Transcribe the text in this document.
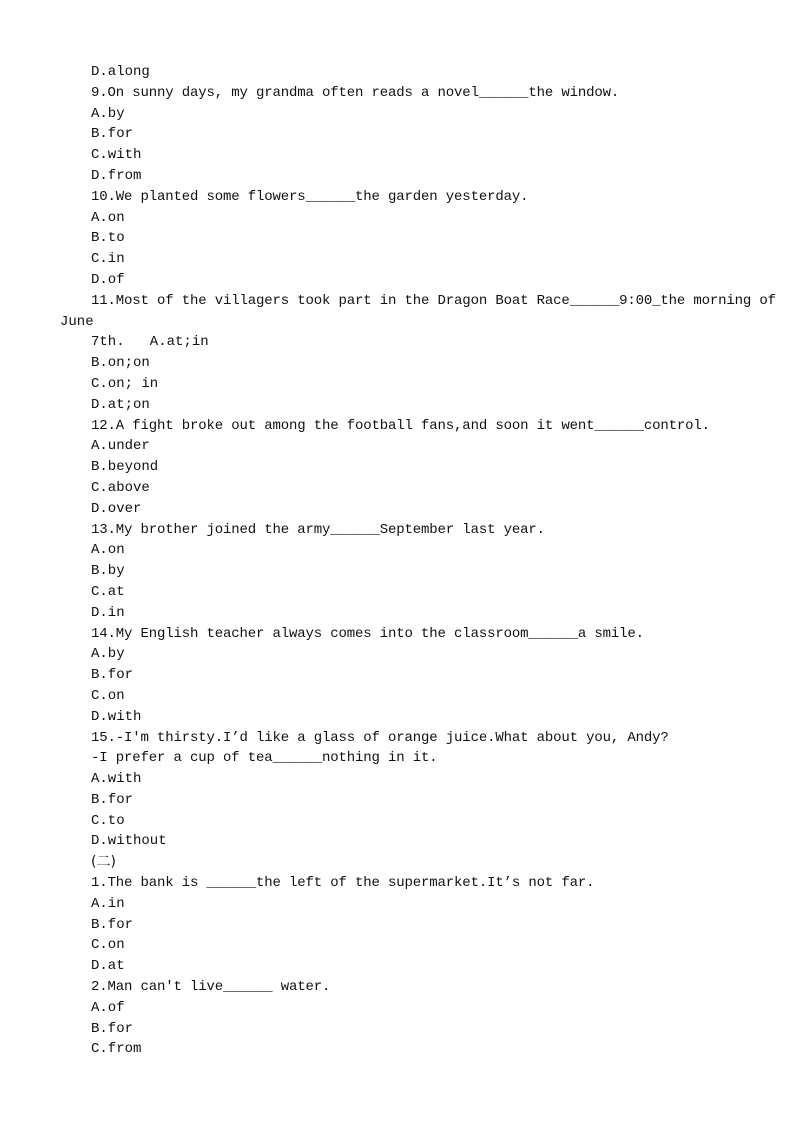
D.along
9.On sunny days, my grandma often reads a novel______the window.
A.by
B.for
C.with
D.from
10.We planted some flowers______the garden yesterday.
A.on
B.to
C.in
D.of
11.Most of the villagers took part in the Dragon Boat Race______9:00_the morning of
June
7th.   A.at;in
B.on;on
C.on; in
D.at;on
12.A fight broke out among the football fans,and soon it went______control.
A.under
B.beyond
C.above
D.over
13.My brother joined the army______September last year.
A.on
B.by
C.at
D.in
14.My English teacher always comes into the classroom______a smile.
A.by
B.for
C.on
D.with
15.-I'm thirsty.I’d like a glass of orange juice.What about you, Andy?
-I prefer a cup of tea______nothing in it.
A.with
B.for
C.to
D.without
(二)
1.The bank is ______the left of the supermarket.It’s not far.
A.in
B.for
C.on
D.at
2.Man can't live______ water.
A.of
B.for
C.from
